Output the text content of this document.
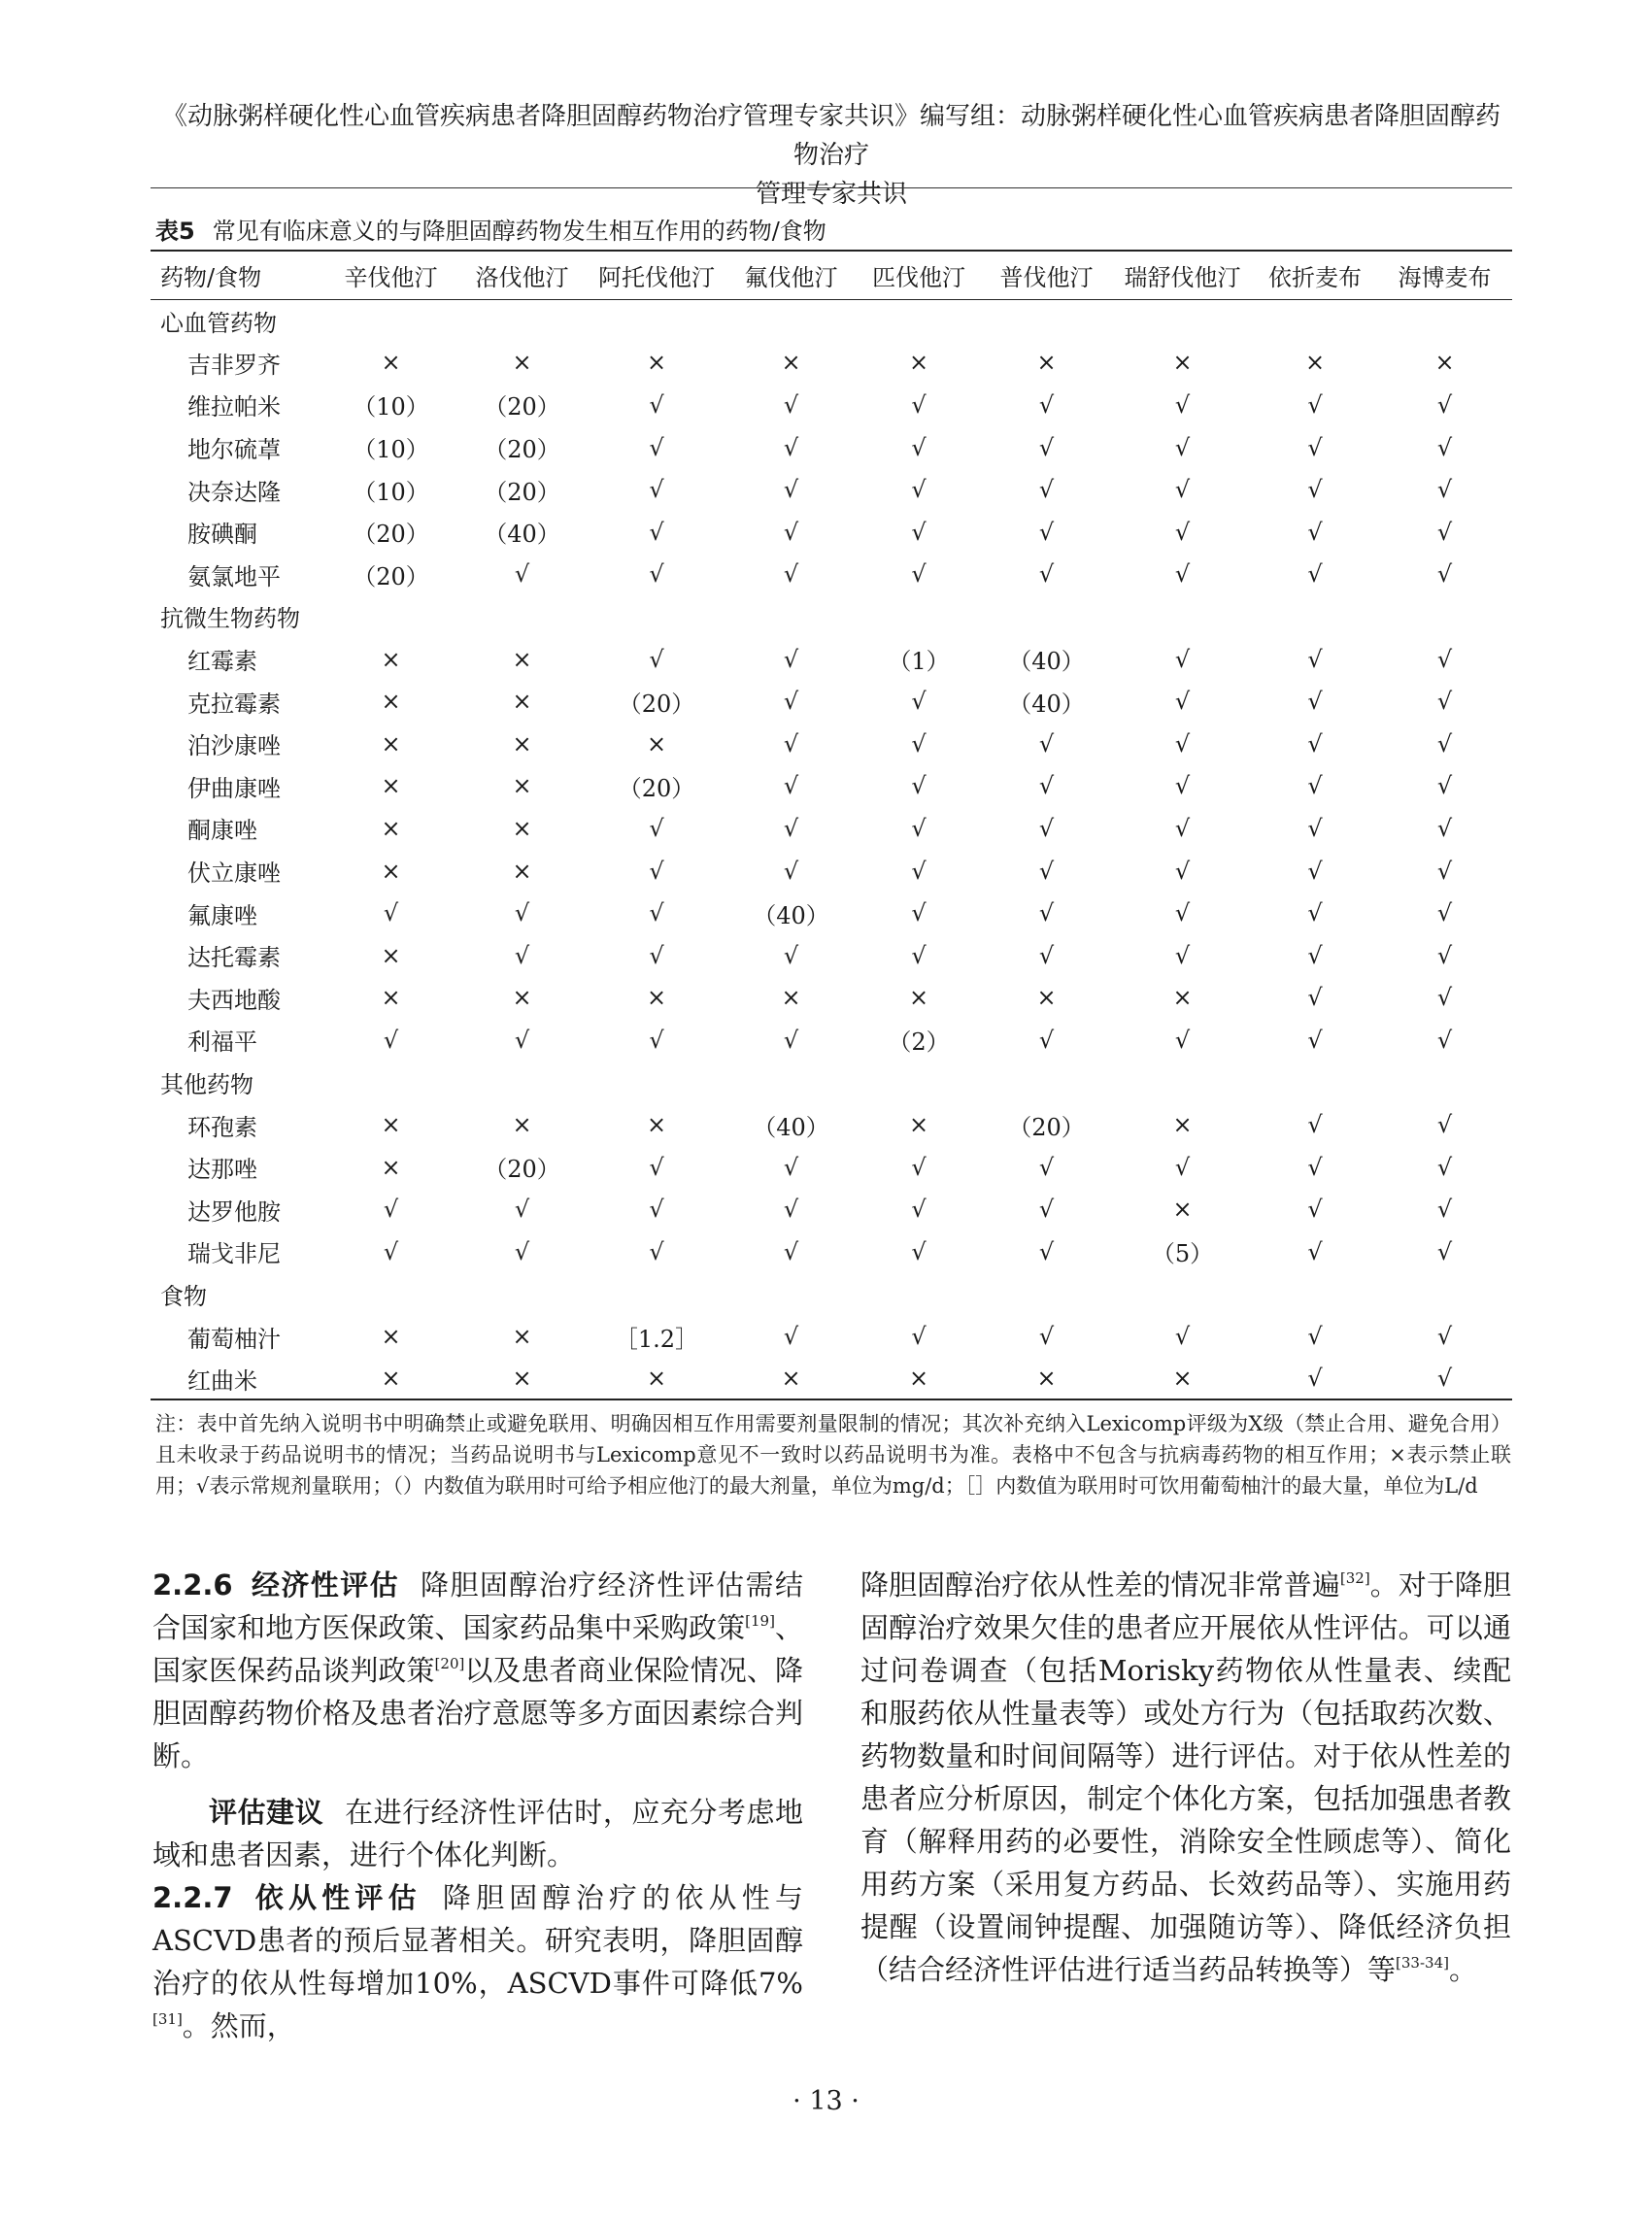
《动脉粥样硬化性心血管疾病患者降胆固醇药物治疗管理专家共识》编写组：动脉粥样硬化性心血管疾病患者降胆固醇药物治疗
管理专家共识
表5 常见有临床意义的与降胆固醇药物发生相互作用的药物/食物
药物/食物	辛伐他汀	洛伐他汀	阿托伐他汀	氟伐他汀	匹伐他汀	普伐他汀	瑞舒伐他汀	依折麦布	海博麦布
心血管药物									
吉非罗齐	×	×	×	×	×	×	×	×	×
维拉帕米	（10）	（20）	√	√	√	√	√	√	√
地尔硫䓬	（10）	（20）	√	√	√	√	√	√	√
决奈达隆	（10）	（20）	√	√	√	√	√	√	√
胺碘酮	（20）	（40）	√	√	√	√	√	√	√
氨氯地平	（20）	√	√	√	√	√	√	√	√
抗微生物药物									
红霉素	×	×	√	√	（1）	（40）	√	√	√
克拉霉素	×	×	（20）	√	√	（40）	√	√	√
泊沙康唑	×	×	×	√	√	√	√	√	√
伊曲康唑	×	×	（20）	√	√	√	√	√	√
酮康唑	×	×	√	√	√	√	√	√	√
伏立康唑	×	×	√	√	√	√	√	√	√
氟康唑	√	√	√	（40）	√	√	√	√	√
达托霉素	×	√	√	√	√	√	√	√	√
夫西地酸	×	×	×	×	×	×	×	√	√
利福平	√	√	√	√	（2）	√	√	√	√
其他药物									
环孢素	×	×	×	（40）	×	（20）	×	√	√
达那唑	×	（20）	√	√	√	√	√	√	√
达罗他胺	√	√	√	√	√	√	×	√	√
瑞戈非尼	√	√	√	√	√	√	（5）	√	√
食物									
葡萄柚汁	×	×	［1.2］	√	√	√	√	√	√
红曲米	×	×	×	×	×	×	×	√	√
注：表中首先纳入说明书中明确禁止或避免联用、明确因相互作用需要剂量限制的情况；其次补充纳入Lexicomp评级为X级（禁止合用、避免合用）且未收录于药品说明书的情况；当药品说明书与Lexicomp意见不一致时以药品说明书为准。表格中不包含与抗病毒药物的相互作用；×表示禁止联用；√表示常规剂量联用；（）内数值为联用时可给予相应他汀的最大剂量，单位为mg/d；［］内数值为联用时可饮用葡萄柚汁的最大量，单位为L/d

2.2.6 经济性评估 降胆固醇治疗经济性评估需结合国家和地方医保政策、国家药品集中采购政策[19]、国家医保药品谈判政策[20]以及患者商业保险情况、降胆固醇药物价格及患者治疗意愿等多方面因素综合判断。

评估建议 在进行经济性评估时，应充分考虑地域和患者因素，进行个体化判断。

2.2.7 依从性评估 降胆固醇治疗的依从性与ASCVD患者的预后显著相关。研究表明，降胆固醇治疗的依从性每增加10%，ASCVD事件可降低7%[31]。然而，

降胆固醇治疗依从性差的情况非常普遍[32]。对于降胆固醇治疗效果欠佳的患者应开展依从性评估。可以通过问卷调查（包括Morisky药物依从性量表、续配和服药依从性量表等）或处方行为（包括取药次数、药物数量和时间间隔等）进行评估。对于依从性差的患者应分析原因，制定个体化方案，包括加强患者教育（解释用药的必要性，消除安全性顾虑等）、简化用药方案（采用复方药品、长效药品等）、实施用药提醒（设置闹钟提醒、加强随访等）、降低经济负担（结合经济性评估进行适当药品转换等）等[33-34]。

· 13 ·
